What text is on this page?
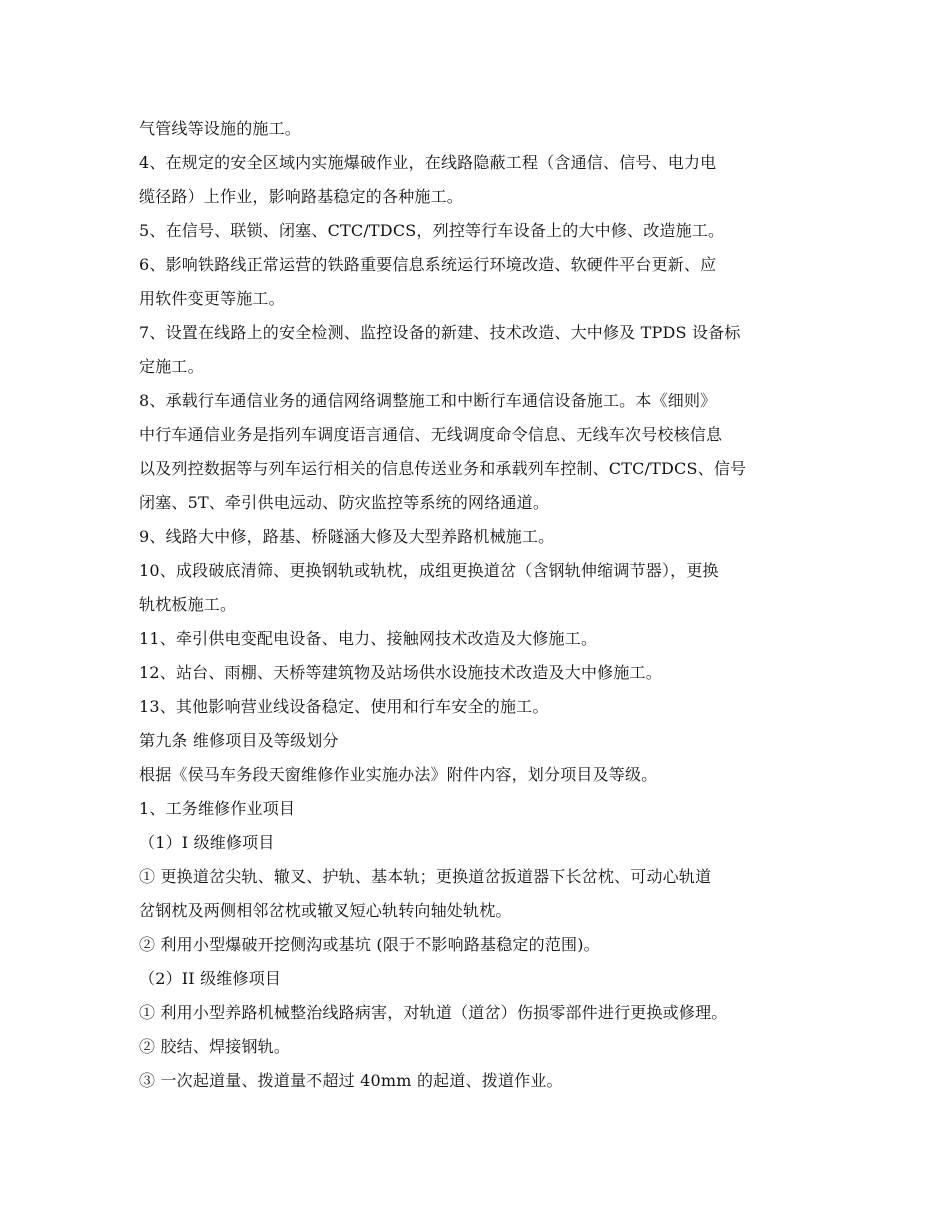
气管线等设施的施工。
4、在规定的安全区域内实施爆破作业，在线路隐蔽工程（含通信、信号、电力电
缆径路）上作业，影响路基稳定的各种施工。
5、在信号、联锁、闭塞、CTC/TDCS，列控等行车设备上的大中修、改造施工。
6、影响铁路线正常运营的铁路重要信息系统运行环境改造、软硬件平台更新、应
用软件变更等施工。
7、设置在线路上的安全检测、监控设备的新建、技术改造、大中修及 TPDS 设备标
定施工。
8、承载行车通信业务的通信网络调整施工和中断行车通信设备施工。本《细则》
中行车通信业务是指列车调度语言通信、无线调度命令信息、无线车次号校核信息
以及列控数据等与列车运行相关的信息传送业务和承载列车控制、CTC/TDCS、信号
闭塞、5T、牵引供电远动、防灾监控等系统的网络通道。
9、线路大中修，路基、桥隧涵大修及大型养路机械施工。
10、成段破底清筛、更换钢轨或轨枕，成组更换道岔（含钢轨伸缩调节器），更换
轨枕板施工。
11、牵引供电变配电设备、电力、接触网技术改造及大修施工。
12、站台、雨棚、天桥等建筑物及站场供水设施技术改造及大中修施工。
13、其他影响营业线设备稳定、使用和行车安全的施工。
第九条 维修项目及等级划分
根据《侯马车务段天窗维修作业实施办法》附件内容，划分项目及等级。
1、工务维修作业项目
（1）I 级维修项目
① 更换道岔尖轨、辙叉、护轨、基本轨；更换道岔扳道器下长岔枕、可动心轨道
岔钢枕及两侧相邻岔枕或辙叉短心轨转向轴处轨枕。
② 利用小型爆破开挖侧沟或基坑 (限于不影响路基稳定的范围)。
（2）II 级维修项目
① 利用小型养路机械整治线路病害，对轨道（道岔）伤损零部件进行更换或修理。
② 胶结、焊接钢轨。
③ 一次起道量、拨道量不超过 40mm 的起道、拨道作业。
